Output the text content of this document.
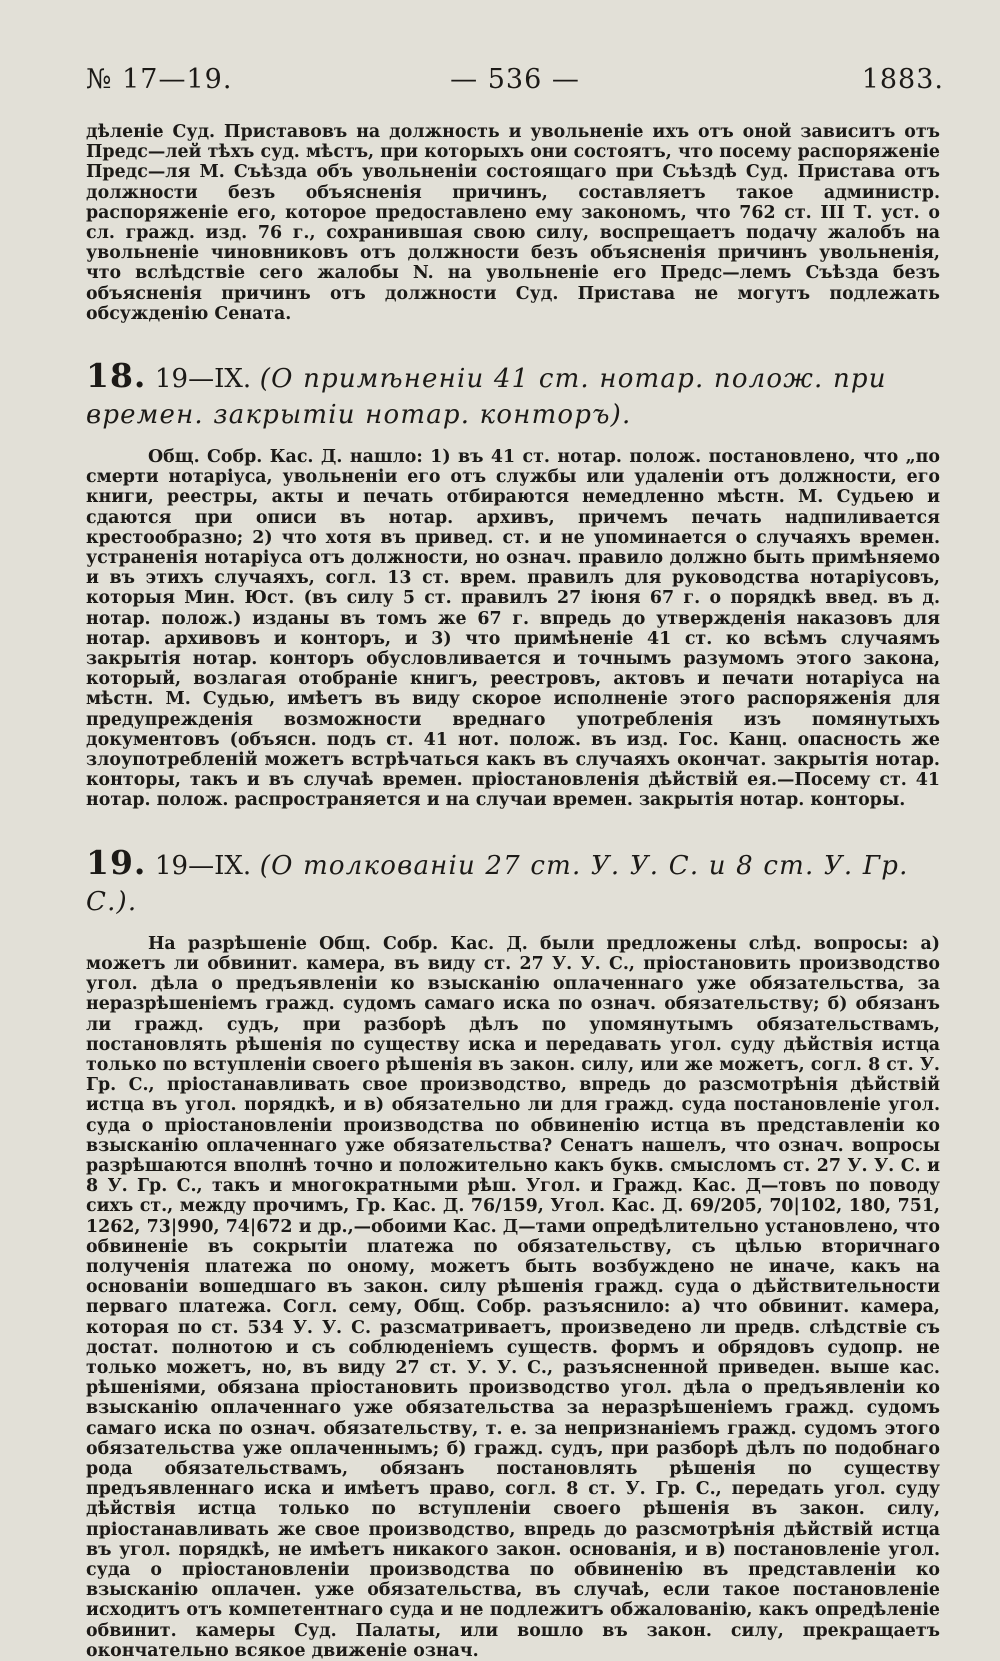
№ 17—19.	— 536 —	1883.

дѣленіе Суд. Приставовъ на должность и увольненіе ихъ отъ оной зависитъ отъ Предс—лей тѣхъ суд. мѣстъ, при которыхъ они состоятъ, что посему распоряженіе Предс—ля М. Съѣзда объ увольненіи состоящаго при Съѣздѣ Суд. Пристава отъ должности безъ объясненія причинъ, составляетъ такое администр. распоряженіе его, которое предоставлено ему закономъ, что 762 ст. III Т. уст. о сл. гражд. изд. 76 г., сохранившая свою силу, воспрещаетъ подачу жалобъ на увольненіе чиновниковъ отъ должности безъ объясненія причинъ увольненія, что вслѣдствіе сего жалобы N. на увольненіе его Предс—лемъ Съѣзда безъ объясненія причинъ отъ должности Суд. Пристава не могутъ подлежать обсужденію Сената.

18. 19—IX. (О примѣненіи 41 ст. нотар. полож. при времен. закрытіи нотар. конторъ).

Общ. Собр. Кас. Д. нашло: 1) въ 41 ст. нотар. полож. постановлено, что „по смерти нотаріуса, увольненіи его отъ службы или удаленіи отъ должности, его книги, реестры, акты и печать отбираются немедленно мѣстн. М. Судьею и сдаются при описи въ нотар. архивъ, причемъ печать надпиливается крестообразно; 2) что хотя въ привед. ст. и не упоминается о случаяхъ времен. устраненія нотаріуса отъ должности, но означ. правило должно быть примѣняемо и въ этихъ случаяхъ, согл. 13 ст. врем. правилъ для руководства нотаріусовъ, которыя Мин. Юст. (въ силу 5 ст. правилъ 27 іюня 67 г. о порядкѣ введ. въ д. нотар. полож.) изданы въ томъ же 67 г. впредь до утвержденія наказовъ для нотар. архивовъ и конторъ, и 3) что примѣненіе 41 ст. ко всѣмъ случаямъ закрытія нотар. конторъ обусловливается и точнымъ разумомъ этого закона, который, возлагая отобраніе книгъ, реестровъ, актовъ и печати нотаріуса на мѣстн. М. Судью, имѣетъ въ виду скорое исполненіе этого распоряженія для предупрежденія возможности вреднаго употребленія изъ помянутыхъ документовъ (объясн. подъ ст. 41 нот. полож. въ изд. Гос. Канц. опасность же злоупотребленій можетъ встрѣчаться какъ въ случаяхъ окончат. закрытія нотар. конторы, такъ и въ случаѣ времен. пріостановленія дѣйствій ея.—Посему ст. 41 нотар. полож. распространяется и на случаи времен. закрытія нотар. конторы.

19. 19—IX. (О толкованіи 27 ст. У. У. С. и 8 ст. У. Гр. С.).

На разрѣшеніе Общ. Собр. Кас. Д. были предложены слѣд. вопросы: а) можетъ ли обвинит. камера, въ виду ст. 27 У. У. С., пріостановить производство угол. дѣла о предъявленіи ко взысканію оплаченнаго уже обязательства, за неразрѣшеніемъ гражд. судомъ самаго иска по означ. обязательству; б) обязанъ ли гражд. судъ, при разборѣ дѣлъ по упомянутымъ обязательствамъ, постановлять рѣшенія по существу иска и передавать угол. суду дѣйствія истца только по вступленіи своего рѣшенія въ закон. силу, или же можетъ, согл. 8 ст. У. Гр. С., пріостанавливать свое производство, впредь до разсмотрѣнія дѣйствій истца въ угол. порядкѣ, и в) обязательно ли для гражд. суда постановленіе угол. суда о пріостановленіи производства по обвиненію истца въ представленіи ко взысканію оплаченнаго уже обязательства? Сенатъ нашелъ, что означ. вопросы разрѣшаются вполнѣ точно и положительно какъ букв. смысломъ ст. 27 У. У. С. и 8 У. Гр. С., такъ и многократными рѣш. Угол. и Гражд. Кас. Д—товъ по поводу сихъ ст., между прочимъ, Гр. Кас. Д. 76/159, Угол. Кас. Д. 69/205, 70|102, 180, 751, 1262, 73|990, 74|672 и др.,—обоими Кас. Д—тами опредѣлительно установлено, что обвиненіе въ сокрытіи платежа по обязательству, съ цѣлью вторичнаго полученія платежа по оному, можетъ быть возбуждено не иначе, какъ на основаніи вошедшаго въ закон. силу рѣшенія гражд. суда о дѣйствительности перваго платежа. Согл. сему, Общ. Собр. разъяснило: а) что обвинит. камера, которая по ст. 534 У. У. С. разсматриваетъ, произведено ли предв. слѣдствіе съ достат. полнотою и съ соблюденіемъ существ. формъ и обрядовъ судопр. не только можетъ, но, въ виду 27 ст. У. У. С., разъясненной приведен. выше кас. рѣшеніями, обязана пріостановить производство угол. дѣла о предъявленіи ко взысканію оплаченнаго уже обязательства за неразрѣшеніемъ гражд. судомъ самаго иска по означ. обязательству, т. е. за непризнаніемъ гражд. судомъ этого обязательства уже оплаченнымъ; б) гражд. судъ, при разборѣ дѣлъ по подобнаго рода обязательствамъ, обязанъ постановлять рѣшенія по существу предъявленнаго иска и имѣетъ право, согл. 8 ст. У. Гр. С., передать угол. суду дѣйствія истца только по вступленіи своего рѣшенія въ закон. силу, пріостанавливать же свое производство, впредь до разсмотрѣнія дѣйствій истца въ угол. порядкѣ, не имѣетъ никакого закон. основанія, и в) постановленіе угол. суда о пріостановленіи производства по обвиненію въ представленіи ко взысканію оплачен. уже обязательства, въ случаѣ, если такое постановленіе исходитъ отъ компетентнаго суда и не подлежитъ обжалованію, какъ опредѣленіе обвинит. камеры Суд. Палаты, или вошло въ закон. силу, прекращаетъ окончательно всякое движеніе означ.
